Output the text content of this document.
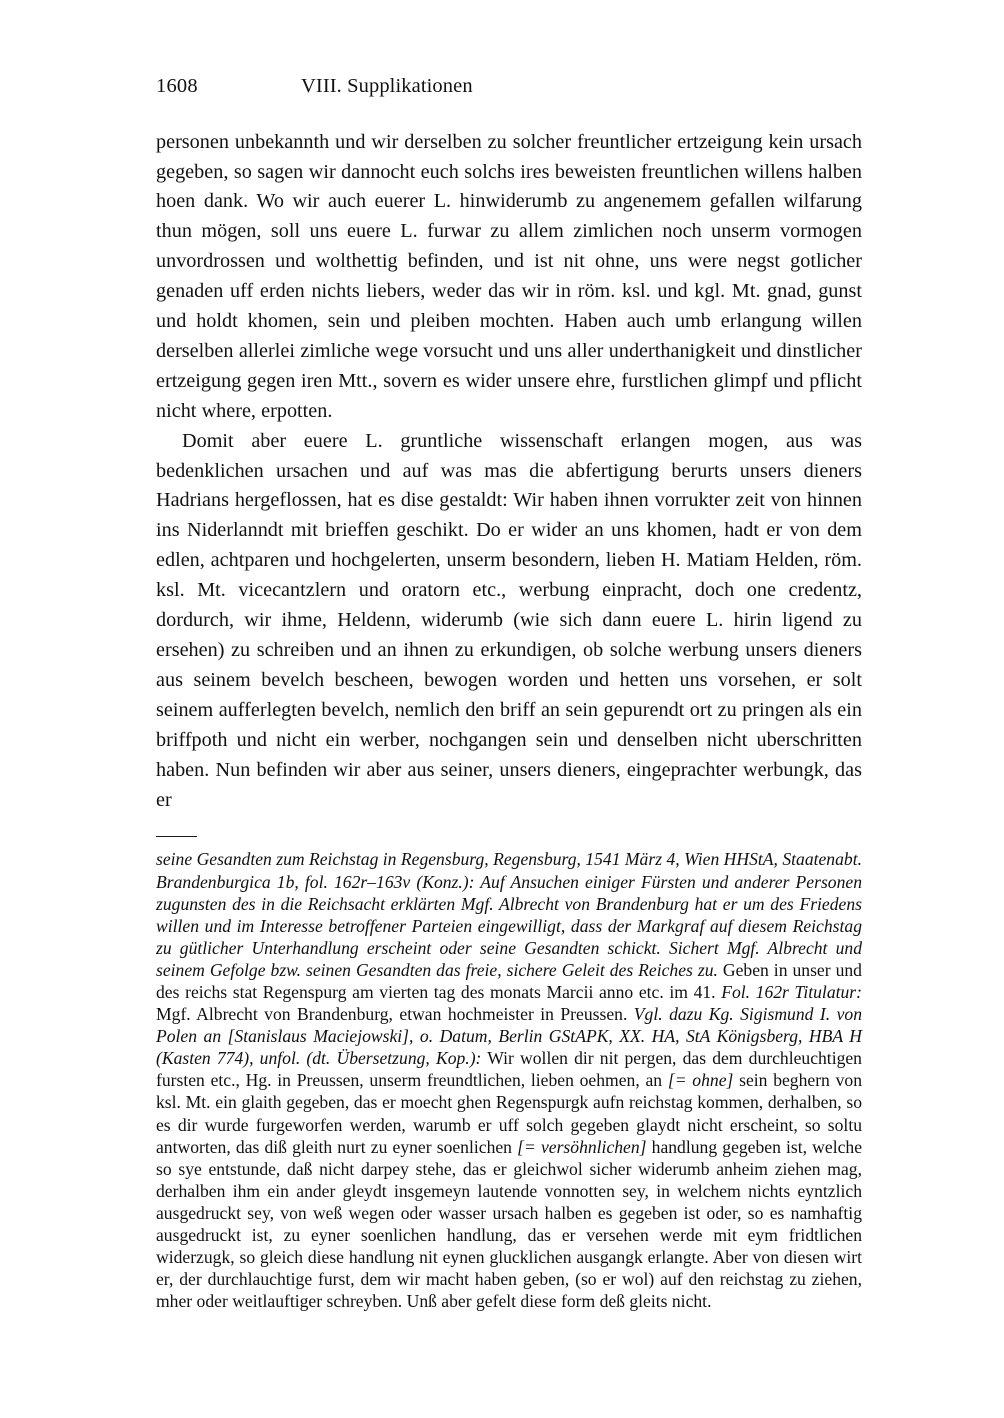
1608	VIII. Supplikationen

personen unbekannth und wir derselben zu solcher freuntlicher ertzeigung kein ursach gegeben, so sagen wir dannocht euch solchs ires beweisten freuntlichen willens halben hoen dank. Wo wir auch euerer L. hinwiderumb zu angenemem gefallen wilfarung thun mögen, soll uns euere L. furwar zu allem zimlichen noch unserm vormogen unvordrossen und wolthettig befinden, und ist nit ohne, uns were negst gotlicher genaden uff erden nichts liebers, weder das wir in röm. ksl. und kgl. Mt. gnad, gunst und holdt khomen, sein und pleiben mochten. Haben auch umb erlangung willen derselben allerlei zimliche wege vorsucht und uns aller underthanigkeit und dinstlicher ertzeigung gegen iren Mtt., sovern es wider unsere ehre, furstlichen glimpf und pflicht nicht where, erpotten.

Domit aber euere L. gruntliche wissenschaft erlangen mogen, aus was bedenklichen ursachen und auf was mas die abfertigung berurts unsers dieners Hadrians hergeflossen, hat es dise gestaldt: Wir haben ihnen vorrukter zeit von hinnen ins Niderlanndt mit brieffen geschikt. Do er wider an uns khomen, hadt er von dem edlen, achtparen und hochgelerten, unserm besondern, lieben H. Matiam Helden, röm. ksl. Mt. vicecantzlern und oratorn etc., werbung einpracht, doch one credentz, dordurch, wir ihme, Heldenn, widerumb (wie sich dann euere L. hirin ligend zu ersehen) zu schreiben und an ihnen zu erkundigen, ob solche werbung unsers dieners aus seinem bevelch bescheen, bewogen worden und hetten uns vorsehen, er solt seinem aufferlegten bevelch, nemlich den briff an sein gepurendt ort zu pringen als ein briffpoth und nicht ein werber, nochgangen sein und denselben nicht uberschritten haben. Nun befinden wir aber aus seiner, unsers dieners, eingeprachter werbungk, das er

seine Gesandten zum Reichstag in Regensburg, Regensburg, 1541 März 4, Wien HHStA, Staatenabt. Brandenburgica 1b, fol. 162r–163v (Konz.): Auf Ansuchen einiger Fürsten und anderer Personen zugunsten des in die Reichsacht erklärten Mgf. Albrecht von Brandenburg hat er um des Friedens willen und im Interesse betroffener Parteien eingewilligt, dass der Markgraf auf diesem Reichstag zu gütlicher Unterhandlung erscheint oder seine Gesandten schickt. Sichert Mgf. Albrecht und seinem Gefolge bzw. seinen Gesandten das freie, sichere Geleit des Reiches zu. Geben in unser und des reichs stat Regenspurg am vierten tag des monats Marcii anno etc. im 41. Fol. 162r Titulatur: Mgf. Albrecht von Brandenburg, etwan hochmeister in Preussen. Vgl. dazu Kg. Sigismund I. von Polen an [Stanislaus Maciejowski], o. Datum, Berlin GStAPK, XX. HA, StA Königsberg, HBA H (Kasten 774), unfol. (dt. Übersetzung, Kop.): Wir wollen dir nit pergen, das dem durchleuchtigen fursten etc., Hg. in Preussen, unserm freundtlichen, lieben oehmen, an [= ohne] sein beghern von ksl. Mt. ein glaith gegeben, das er moecht ghen Regenspurgk aufn reichstag kommen, derhalben, so es dir wurde furgeworfen werden, warumb er uff solch gegeben glaydt nicht erscheint, so soltu antworten, das diß gleith nurt zu eyner soenlichen [= versöhnlichen] handlung gegeben ist, welche so sye entstunde, daß nicht darpey stehe, das er gleichwol sicher widerumb anheim ziehen mag, derhalben ihm ein ander gleydt insgemeyn lautende vonnotten sey, in welchem nichts eyntzlich ausgedruckt sey, von weß wegen oder wasser ursach halben es gegeben ist oder, so es namhaftig ausgedruckt ist, zu eyner soenlichen handlung, das er versehen werde mit eym fridtlichen widerzugk, so gleich diese handlung nit eynen glucklichen ausgangk erlangte. Aber von diesen wirt er, der durchlauchtige furst, dem wir macht haben geben, (so er wol) auf den reichstag zu ziehen, mher oder weitlauftiger schreyben. Unß aber gefelt diese form deß gleits nicht.
